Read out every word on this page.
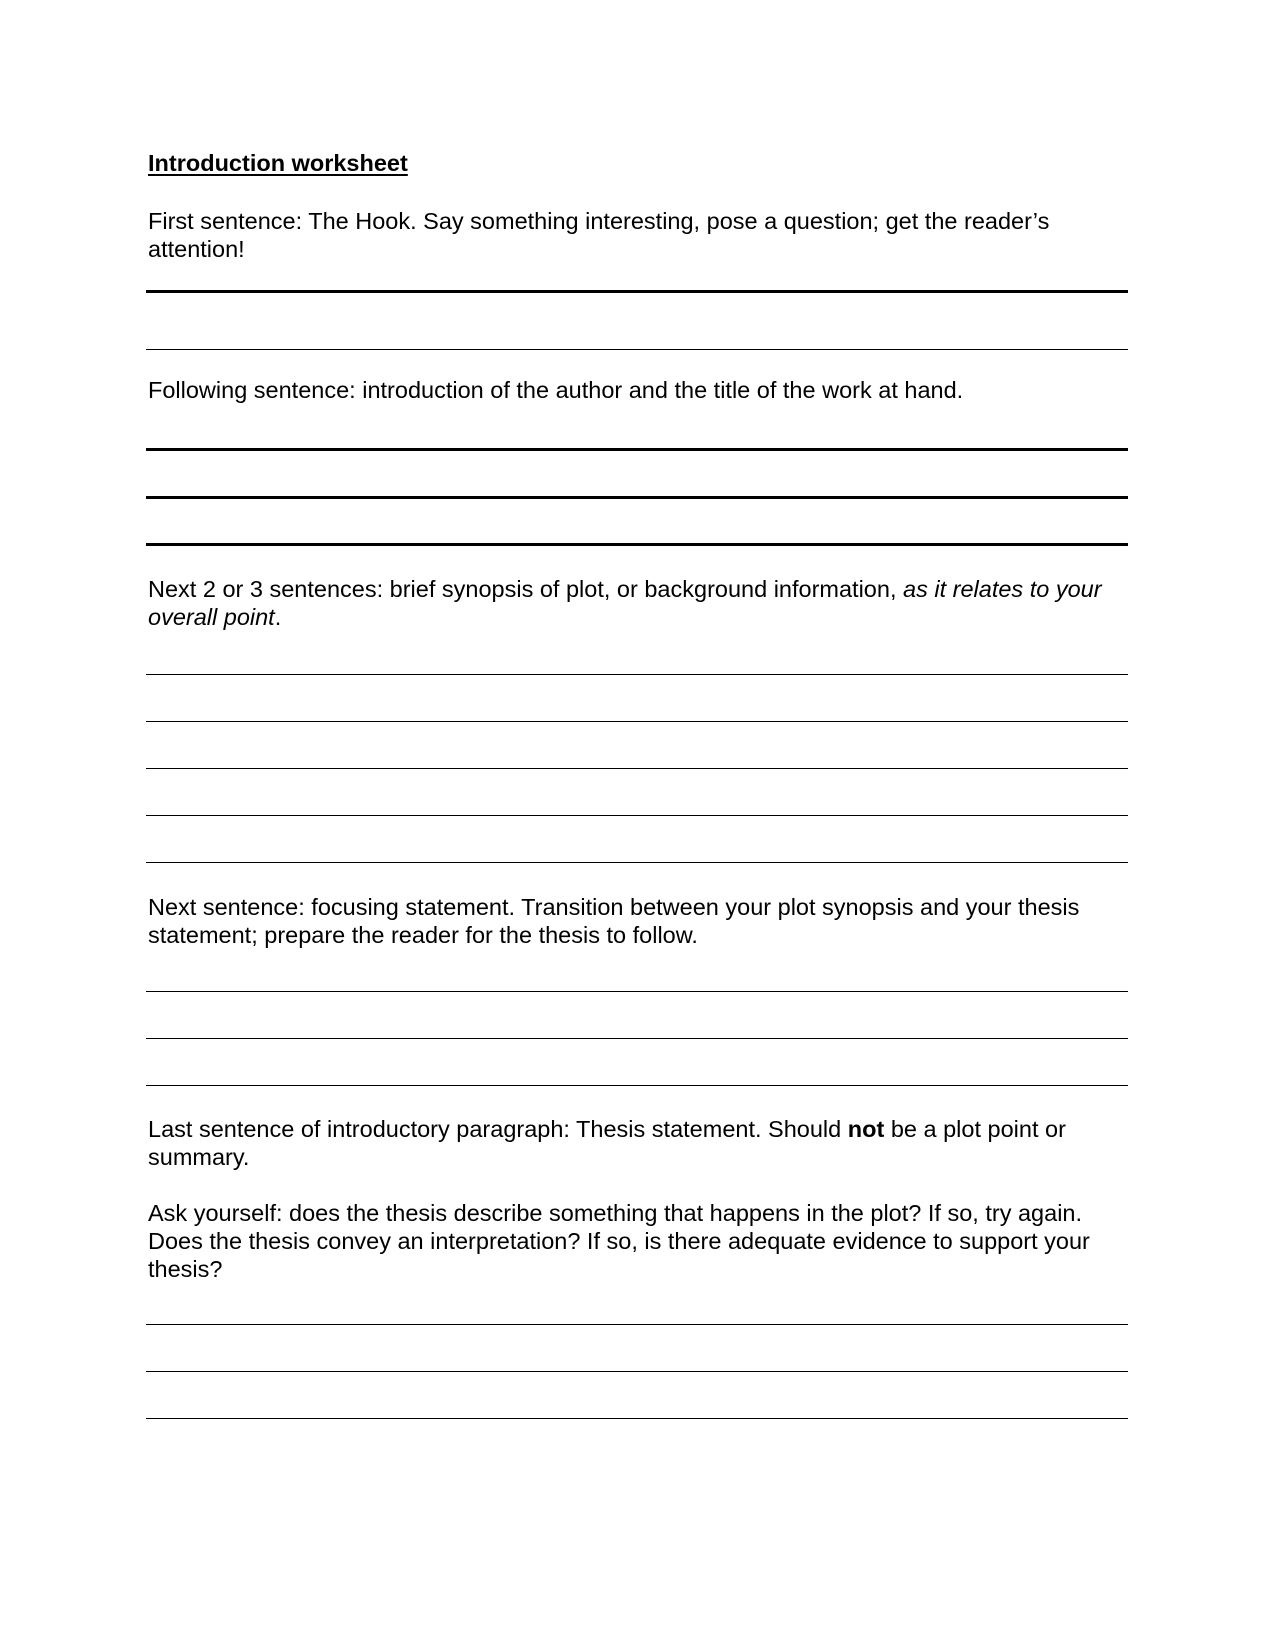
Introduction worksheet
First sentence: The Hook. Say something interesting, pose a question; get the reader’s attention!
Following sentence: introduction of the author and the title of the work at hand.
Next 2 or 3 sentences: brief synopsis of plot, or background information, as it relates to your overall point.
Next sentence: focusing statement. Transition between your plot synopsis and your thesis statement; prepare the reader for the thesis to follow.
Last sentence of introductory paragraph: Thesis statement. Should not be a plot point or summary.
Ask yourself: does the thesis describe something that happens in the plot? If so, try again. Does the thesis convey an interpretation? If so, is there adequate evidence to support your thesis?
